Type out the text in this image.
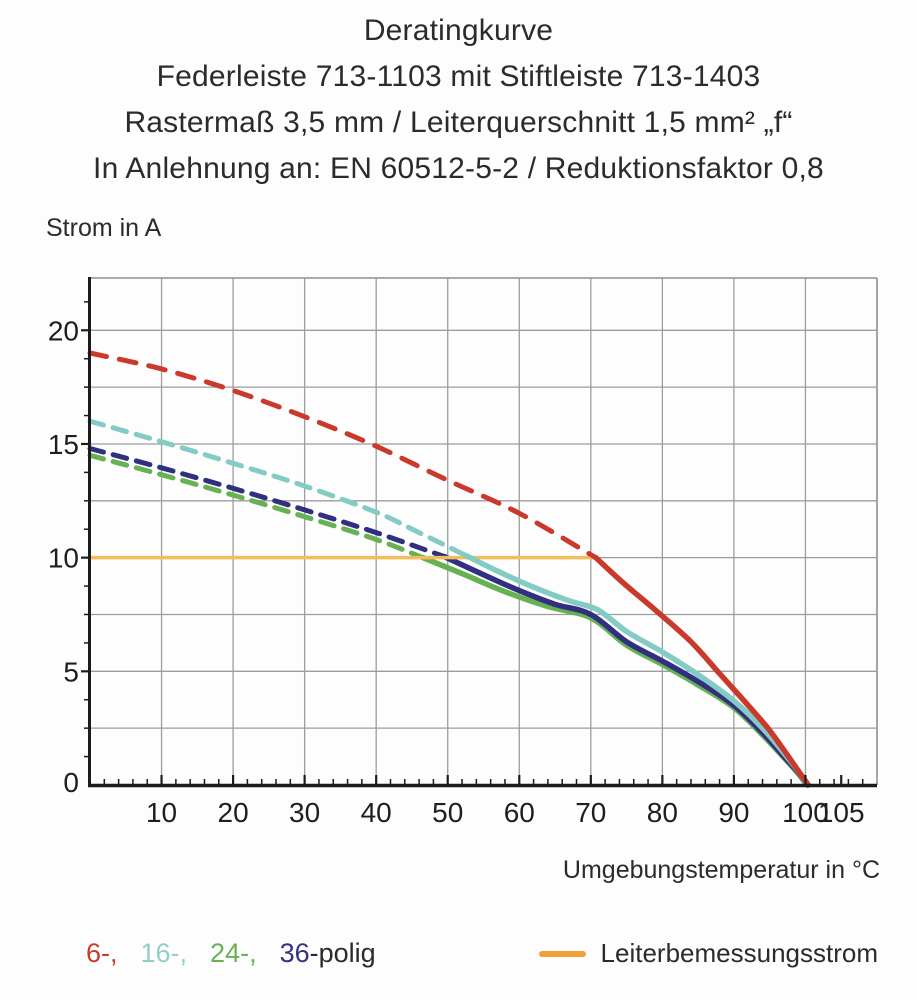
Deratingkurve
Federleiste 713-1103 mit Stiftleiste 713-1403
Rastermaß 3,5 mm / Leiterquerschnitt 1,5 mm² „f“
In Anlehnung an: EN 60512-5-2 / Reduktionsfaktor 0,8
Strom in A
10 20 30 40 50 60 70 80 90 100
105
0
5
10
15
20
Umgebungstemperatur in °C
6-, 16-, 24-, 36-polig	Leiterbemessungsstrom
